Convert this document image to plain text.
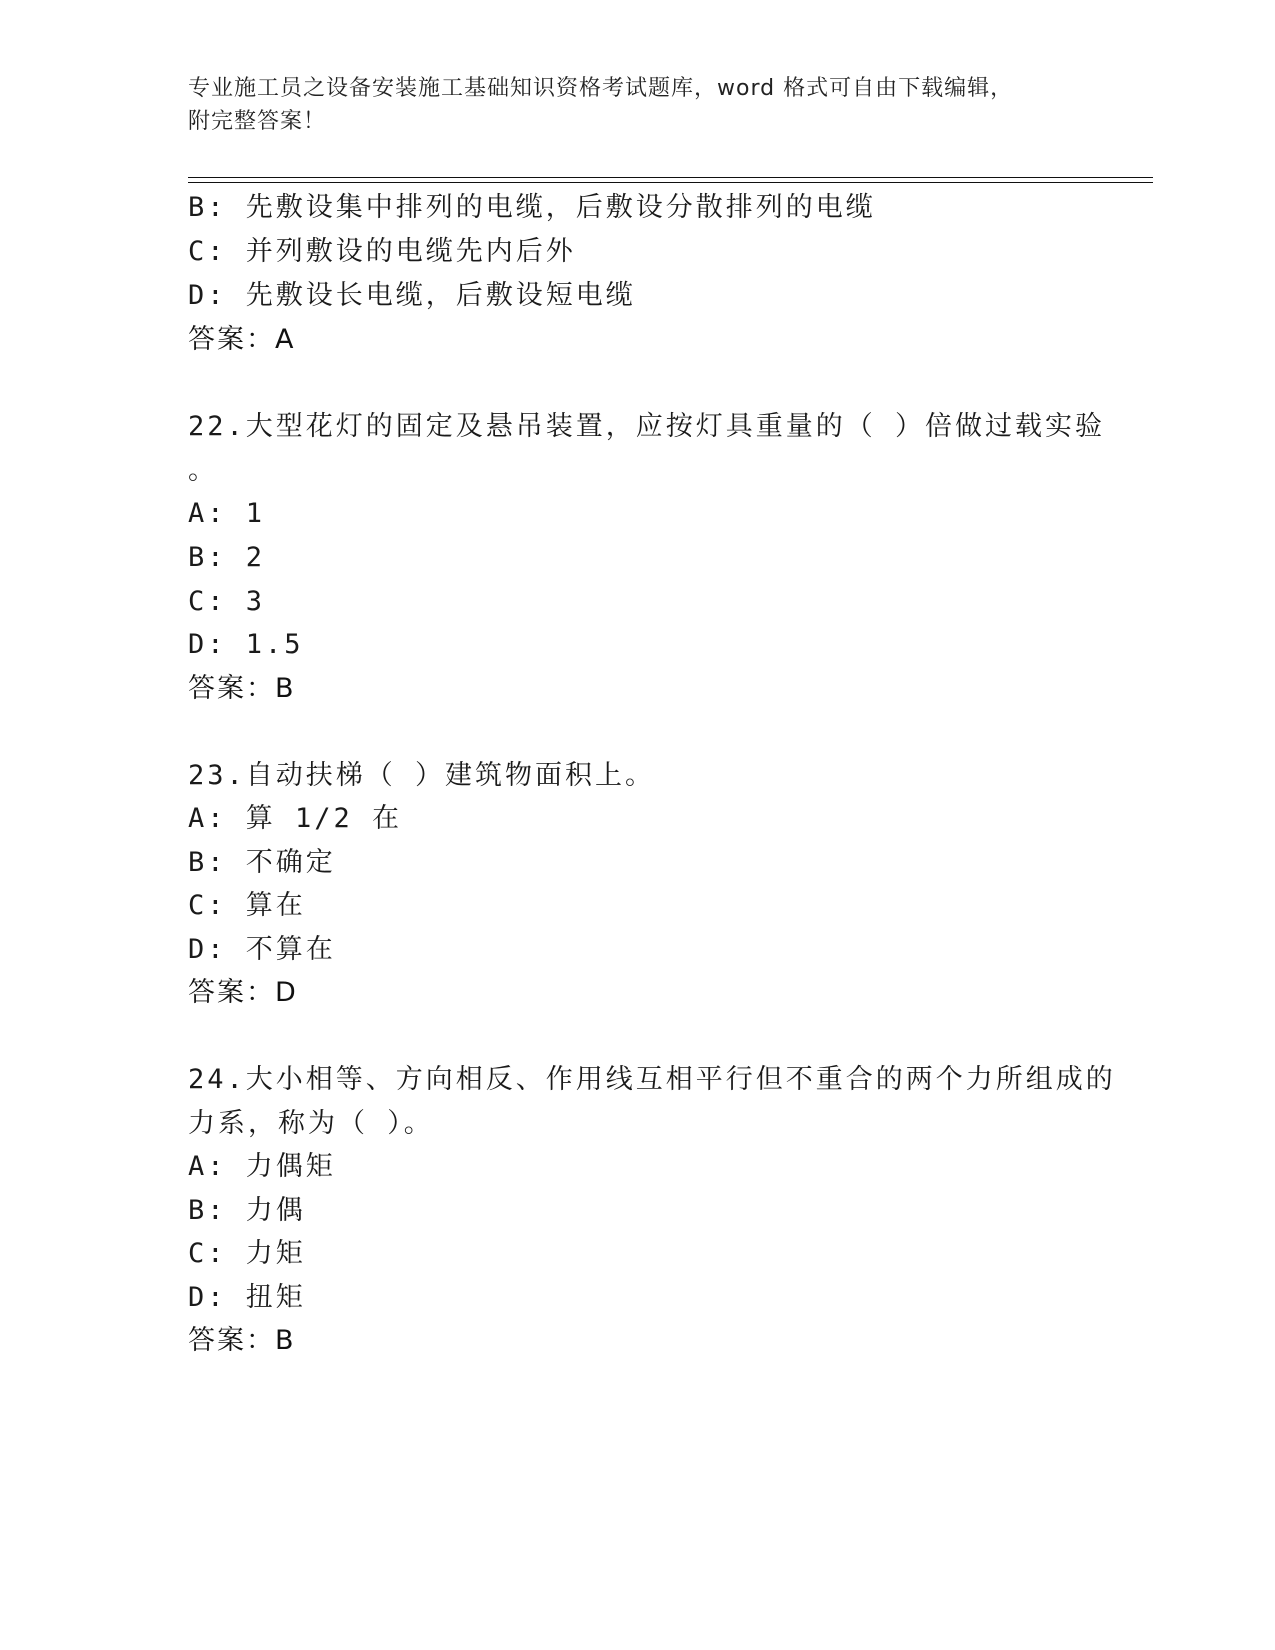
专业施工员之设备安装施工基础知识资格考试题库，word 格式可自由下载编辑，
附完整答案！
B: 先敷设集中排列的电缆，后敷设分散排列的电缆
C: 并列敷设的电缆先内后外
D: 先敷设长电缆，后敷设短电缆
答案：A
22.大型花灯的固定及悬吊装置，应按灯具重量的（ ）倍做过载实验
。
A: 1
B: 2
C: 3
D: 1.5
答案：B
23.自动扶梯（ ）建筑物面积上。
A: 算 1/2 在
B: 不确定
C: 算在
D: 不算在
答案：D
24.大小相等、方向相反、作用线互相平行但不重合的两个力所组成的
力系，称为（ ）。
A: 力偶矩
B: 力偶
C: 力矩
D: 扭矩
答案：B
